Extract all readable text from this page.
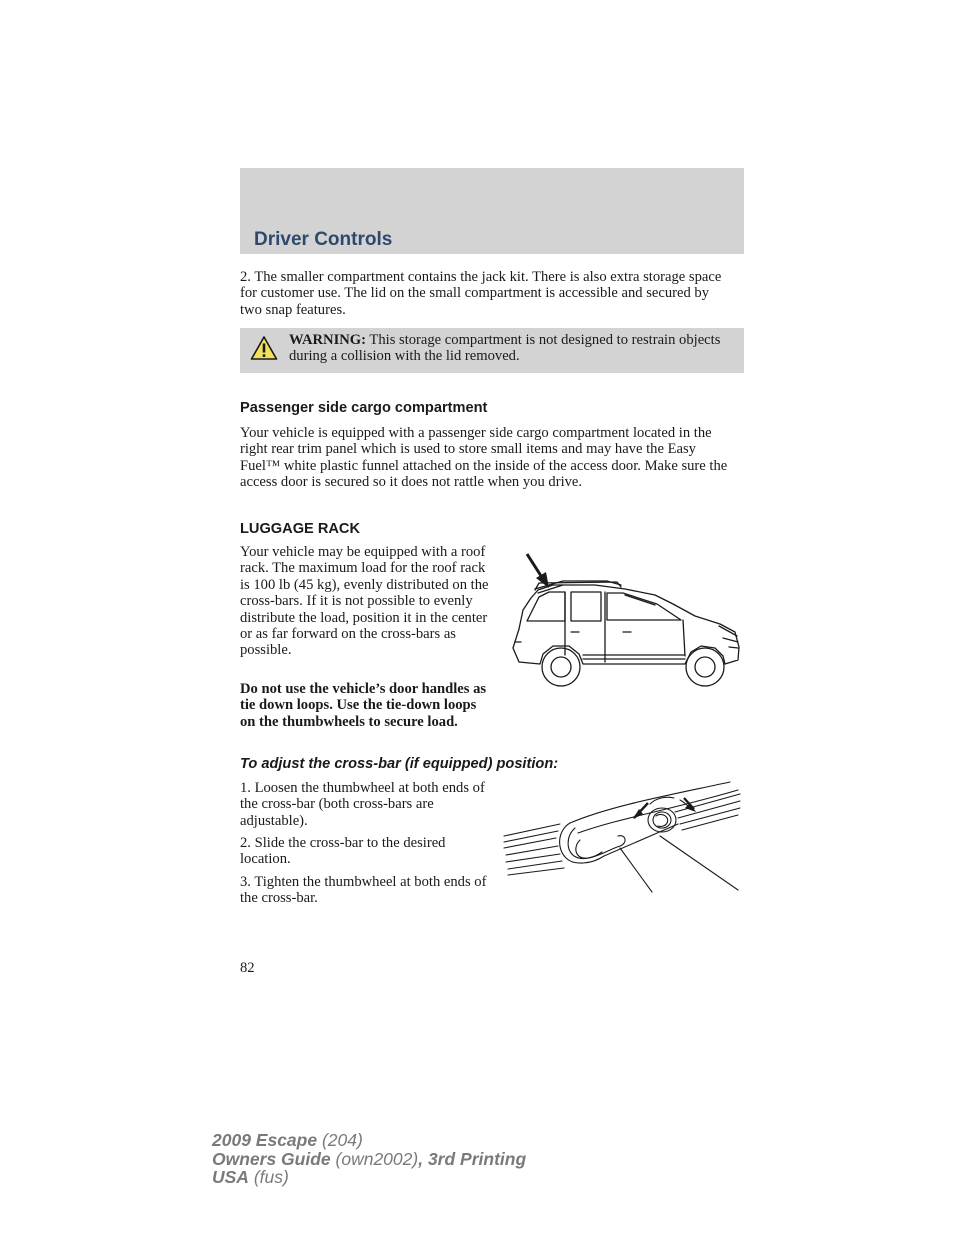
Driver Controls

2. The smaller compartment contains the jack kit. There is also extra storage space for customer use. The lid on the small compartment is accessible and secured by two snap features.

WARNING: This storage compartment is not designed to restrain objects during a collision with the lid removed.

Passenger side cargo compartment

Your vehicle is equipped with a passenger side cargo compartment located in the right rear trim panel which is used to store small items and may have the Easy Fuel™ white plastic funnel attached on the inside of the access door. Make sure the access door is secured so it does not rattle when you drive.

LUGGAGE RACK

Your vehicle may be equipped with a roof rack. The maximum load for the roof rack is 100 lb (45 kg), evenly distributed on the cross-bars. If it is not possible to evenly distribute the load, position it in the center or as far forward on the cross-bars as possible.

Do not use the vehicle’s door handles as tie down loops. Use the tie-down loops on the thumbwheels to secure load.

To adjust the cross-bar (if equipped) position:

1. Loosen the thumbwheel at both ends of the cross-bar (both cross-bars are adjustable).

2. Slide the cross-bar to the desired location.

3. Tighten the thumbwheel at both ends of the cross-bar.

82

2009 Escape (204)
Owners Guide (own2002), 3rd Printing
USA (fus)
